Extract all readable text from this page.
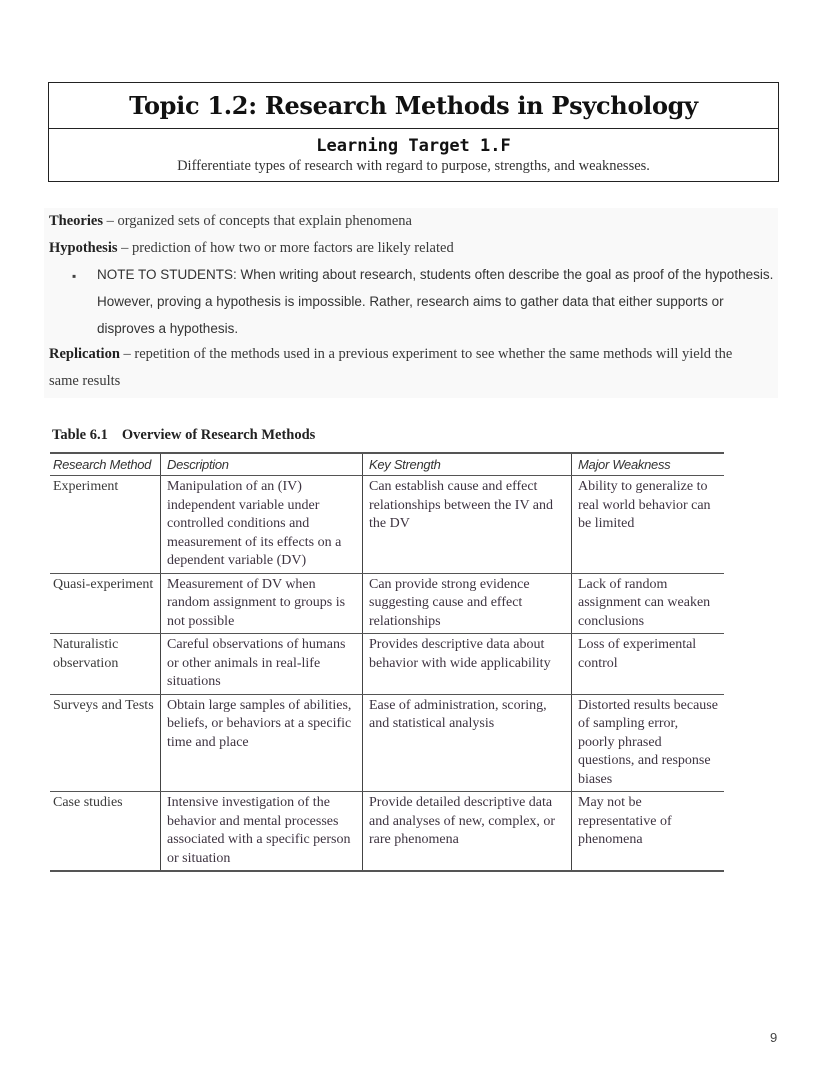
Topic 1.2: Research Methods in Psychology
Learning Target 1.F
Differentiate types of research with regard to purpose, strengths, and weaknesses.
Theories – organized sets of concepts that explain phenomena
Hypothesis – prediction of how two or more factors are likely related
▪ NOTE TO STUDENTS: When writing about research, students often describe the goal as proof of the hypothesis.
However, proving a hypothesis is impossible. Rather, research aims to gather data that either supports or
disproves a hypothesis.
Replication – repetition of the methods used in a previous experiment to see whether the same methods will yield the
same results
Table 6.1 Overview of Research Methods
Research Method	Description	Key Strength	Major Weakness
Experiment	Manipulation of an (IV) independent variable under controlled conditions and measurement of its effects on a dependent variable (DV)	Can establish cause and effect relationships between the IV and the DV	Ability to generalize to real world behavior can be limited
Quasi-experiment	Measurement of DV when random assignment to groups is not possible	Can provide strong evidence suggesting cause and effect relationships	Lack of random assignment can weaken conclusions
Naturalistic observation	Careful observations of humans or other animals in real-life situations	Provides descriptive data about behavior with wide applicability	Loss of experimental control
Surveys and Tests	Obtain large samples of abilities, beliefs, or behaviors at a specific time and place	Ease of administration, scoring, and statistical analysis	Distorted results because of sampling error, poorly phrased questions, and response biases
Case studies	Intensive investigation of the behavior and mental processes associated with a specific person or situation	Provide detailed descriptive data and analyses of new, complex, or rare phenomena	May not be representative of phenomena
9
